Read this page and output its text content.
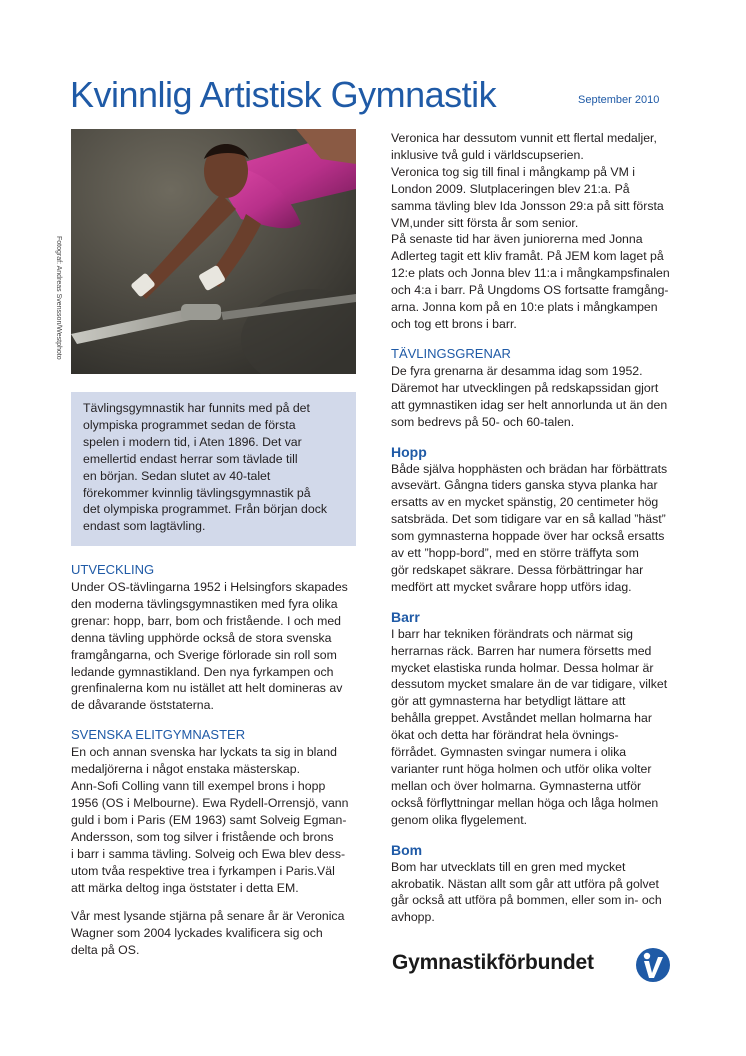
Kvinnlig Artistisk Gymnastik	September 2010
Fotograf: Andreas Svensson/Westphoto

Tävlingsgymnastik har funnits med på det
olympiska programmet sedan de första
spelen i modern tid, i Aten 1896. Det var
emellertid endast herrar som tävlade till
en början. Sedan slutet av 40-talet
förekommer kvinnlig tävlingsgymnastik på
det olympiska programmet. Från början dock
endast som lagtävling.

UTVECKLING

Under OS-tävlingarna 1952 i Helsingfors skapades
den moderna tävlingsgymnastiken med fyra olika
grenar: hopp, barr, bom och fristående. I och med
denna tävling upphörde också de stora svenska
framgångarna, och Sverige förlorade sin roll som
ledande gymnastikland. Den nya fyrkampen och
grenfinalerna kom nu istället att helt domineras av
de dåvarande öststaterna.

SVENSKA ELITGYMNASTER

En och annan svenska har lyckats ta sig in bland
medaljörerna i något enstaka mästerskap.
Ann-Sofi Colling vann till exempel brons i hopp
1956 (OS i Melbourne). Ewa Rydell-Orrensjö, vann
guld i bom i Paris (EM 1963) samt Solveig Egman-
Andersson, som tog silver i fristående och brons
i barr i samma tävling. Solveig och Ewa blev dess-
utom tvåa respektive trea i fyrkampen i Paris.Väl
att märka deltog inga öststater i detta EM.

Vår mest lysande stjärna på senare år är Veronica
Wagner som 2004 lyckades kvalificera sig och
delta på OS.

Veronica har dessutom vunnit ett flertal medaljer,
inklusive två guld i världscupserien.
Veronica tog sig till final i mångkamp på VM i
London 2009. Slutplaceringen blev 21:a. På
samma tävling blev Ida Jonsson 29:a på sitt första
VM,under sitt första år som senior.
På senaste tid har även juniorerna med Jonna
Adlerteg tagit ett kliv framåt. På JEM kom laget på
12:e plats och Jonna blev 11:a i mångkampsfinalen
och 4:a i barr. På Ungdoms OS fortsatte framgång-
arna. Jonna kom på en 10:e plats i mångkampen
och tog ett brons i barr.

TÄVLINGSGRENAR

De fyra grenarna är desamma idag som 1952.
Däremot har utvecklingen på redskapssidan gjort
att gymnastiken idag ser helt annorlunda ut än den
som bedrevs på 50- och 60-talen.

Hopp

Både själva hopphästen och brädan har förbättrats
avsevärt. Gångna tiders ganska styva planka har
ersatts av en mycket spänstig, 20 centimeter hög
satsbräda. Det som tidigare var en så kallad ”häst”
som gymnasterna hoppade över har också ersatts
av ett ”hopp-bord”, med en större träffyta som
gör redskapet säkrare. Dessa förbättringar har
medfört att mycket svårare hopp utförs idag.

Barr

I barr har tekniken förändrats och närmat sig
herrarnas räck. Barren har numera försetts med
mycket elastiska runda holmar. Dessa holmar är
dessutom mycket smalare än de var tidigare, vilket
gör att gymnasterna har betydligt lättare att
behålla greppet. Avståndet mellan holmarna har
ökat och detta har förändrat hela övnings-
förrådet. Gymnasten svingar numera i olika
varianter runt höga holmen och utför olika volter
mellan och över holmarna. Gymnasterna utför
också förflyttningar mellan höga och låga holmen
genom olika flygelement.

Bom

Bom har utvecklats till en gren med mycket
akrobatik. Nästan allt som går att utföra på golvet
går också att utföra på bommen, eller som in- och
avhopp.

Gymnastikförbundet
